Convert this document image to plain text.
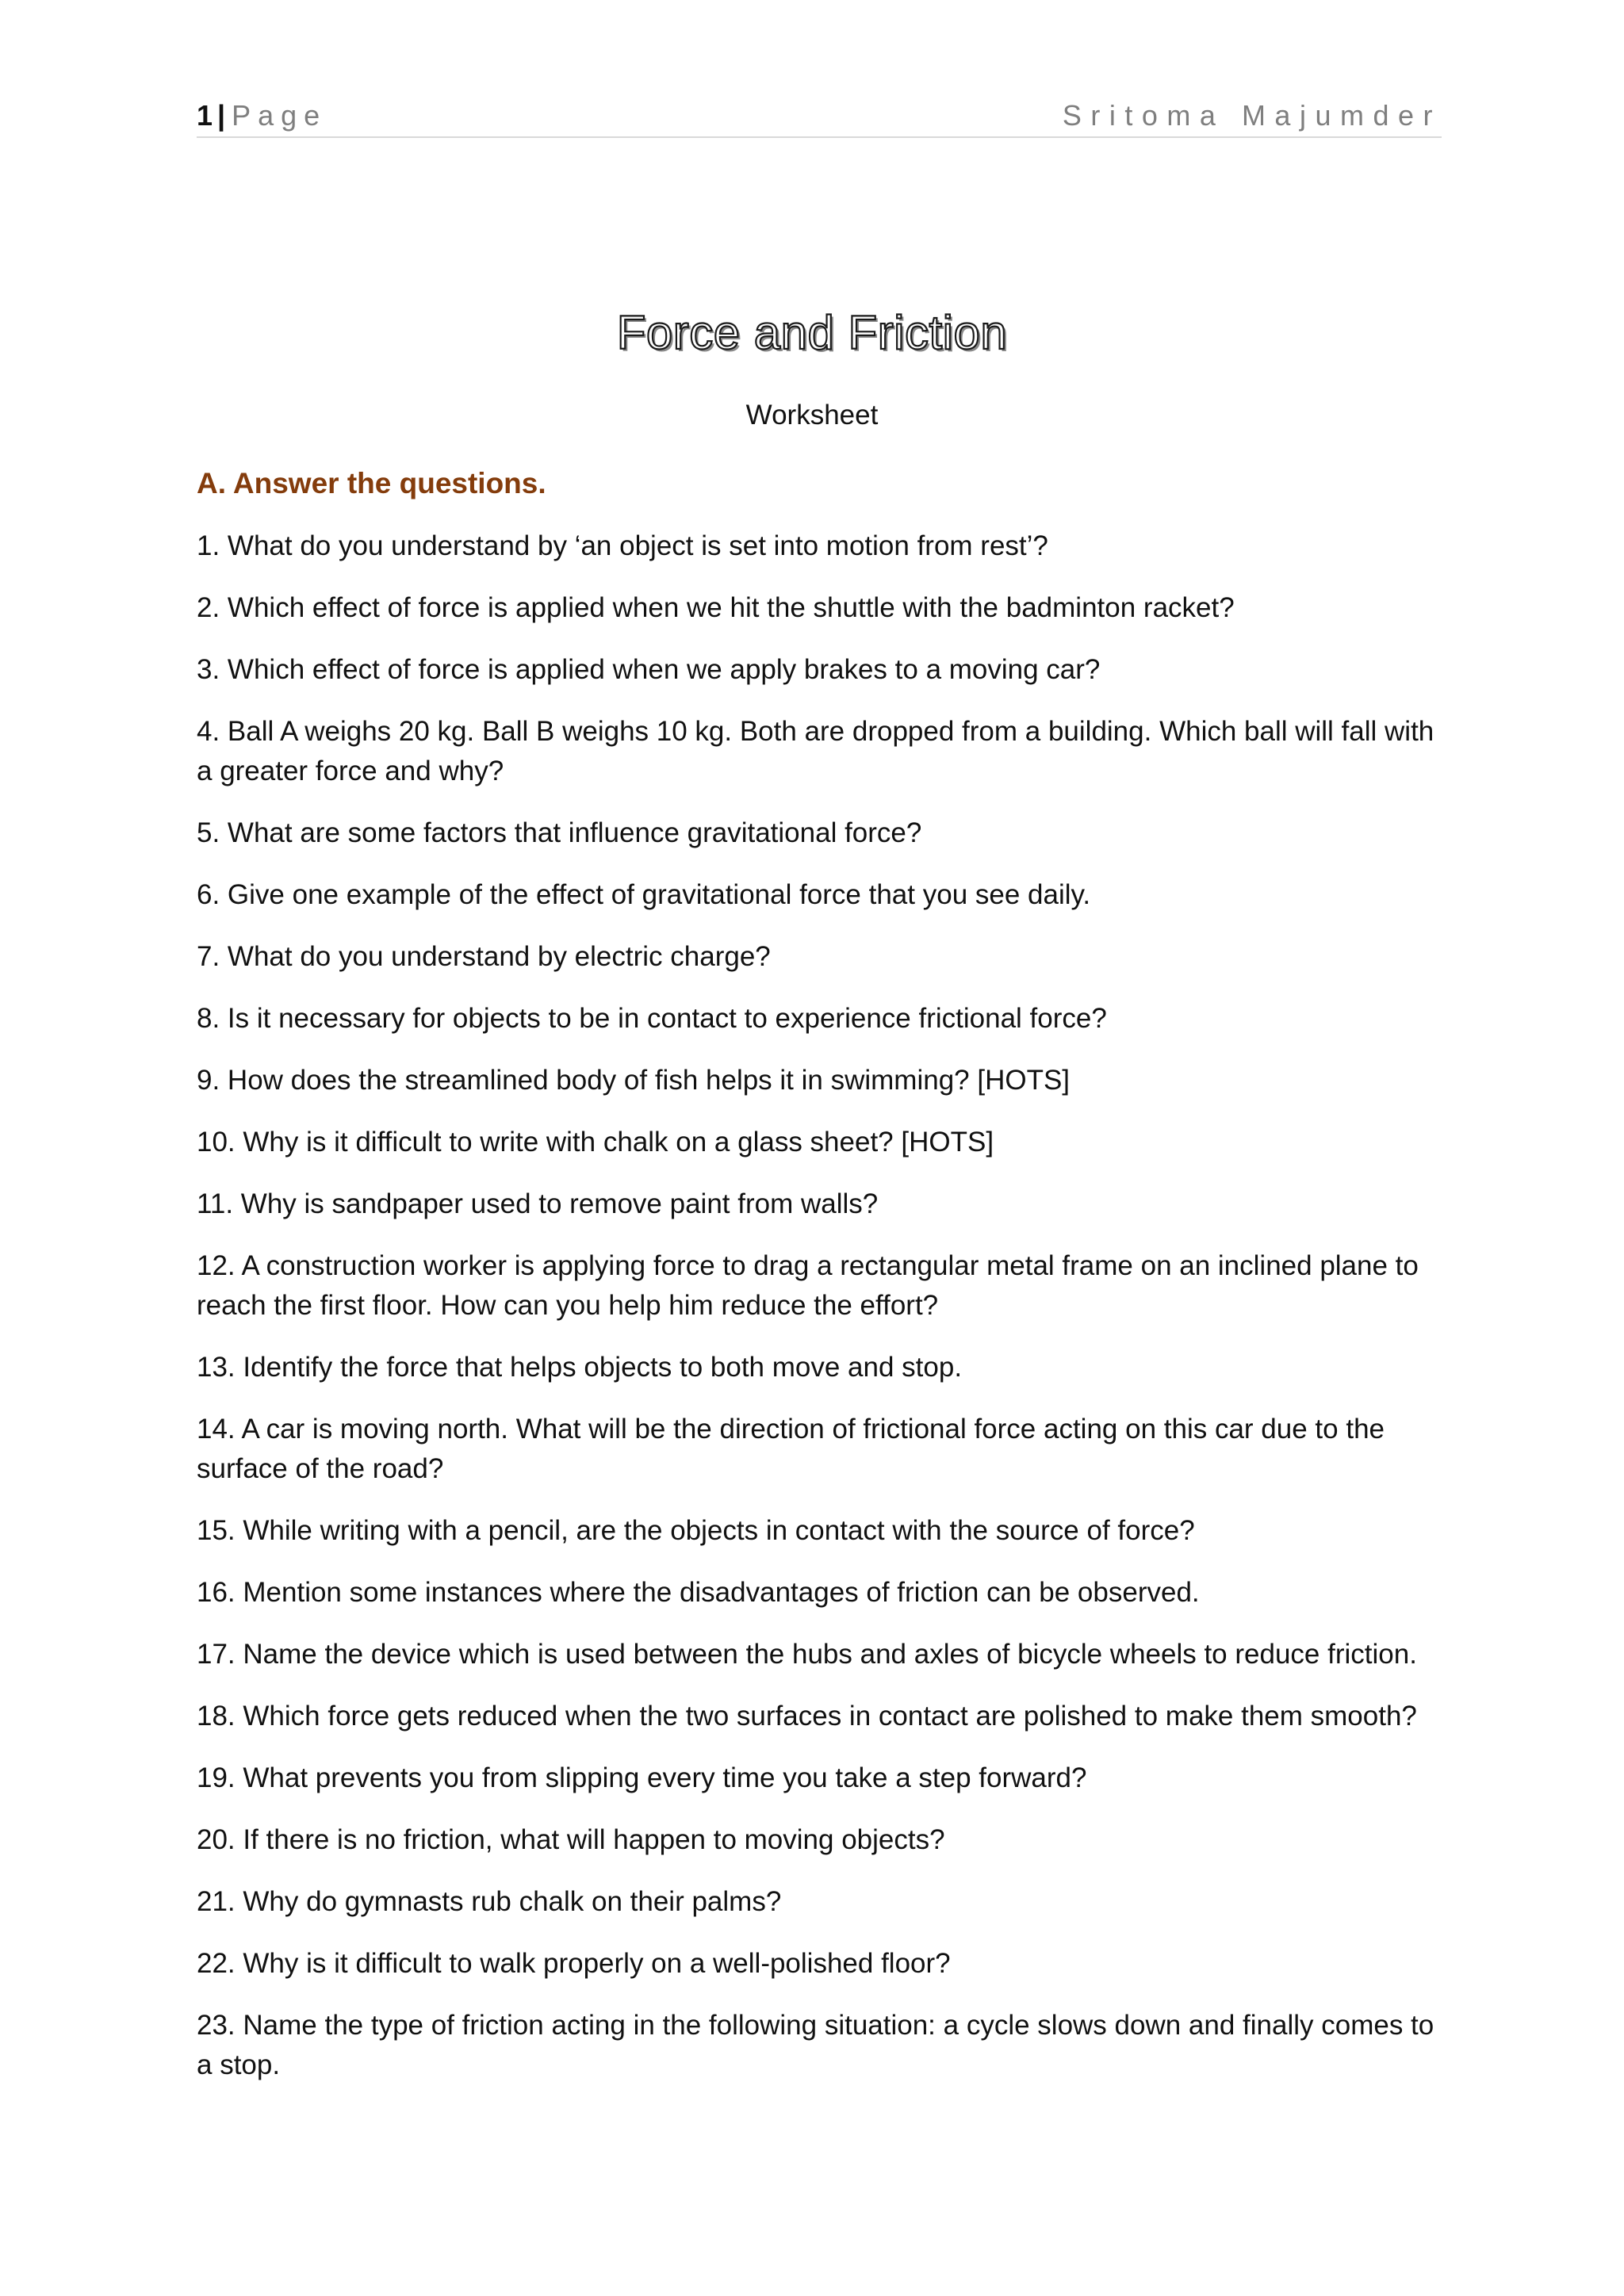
1 | Page	Sritoma Majumder
Force and Friction
Worksheet
A. Answer the questions.

1. What do you understand by ‘an object is set into motion from rest’?

2. Which effect of force is applied when we hit the shuttle with the badminton racket?

3. Which effect of force is applied when we apply brakes to a moving car?

4. Ball A weighs 20 kg. Ball B weighs 10 kg. Both are dropped from a building. Which ball will fall with a greater force and why?

5. What are some factors that influence gravitational force?

6. Give one example of the effect of gravitational force that you see daily.

7. What do you understand by electric charge?

8. Is it necessary for objects to be in contact to experience frictional force?

9. How does the streamlined body of fish helps it in swimming? [HOTS]

10. Why is it difficult to write with chalk on a glass sheet? [HOTS]

11. Why is sandpaper used to remove paint from walls?

12. A construction worker is applying force to drag a rectangular metal frame on an inclined plane to reach the first floor. How can you help him reduce the effort?

13. Identify the force that helps objects to both move and stop.

14. A car is moving north. What will be the direction of frictional force acting on this car due to the surface of the road?

15. While writing with a pencil, are the objects in contact with the source of force?

16. Mention some instances where the disadvantages of friction can be observed.

17. Name the device which is used between the hubs and axles of bicycle wheels to reduce friction.

18. Which force gets reduced when the two surfaces in contact are polished to make them smooth?

19. What prevents you from slipping every time you take a step forward?

20. If there is no friction, what will happen to moving objects?

21. Why do gymnasts rub chalk on their palms?

22. Why is it difficult to walk properly on a well-polished floor?

23. Name the type of friction acting in the following situation: a cycle slows down and finally comes to a stop.
